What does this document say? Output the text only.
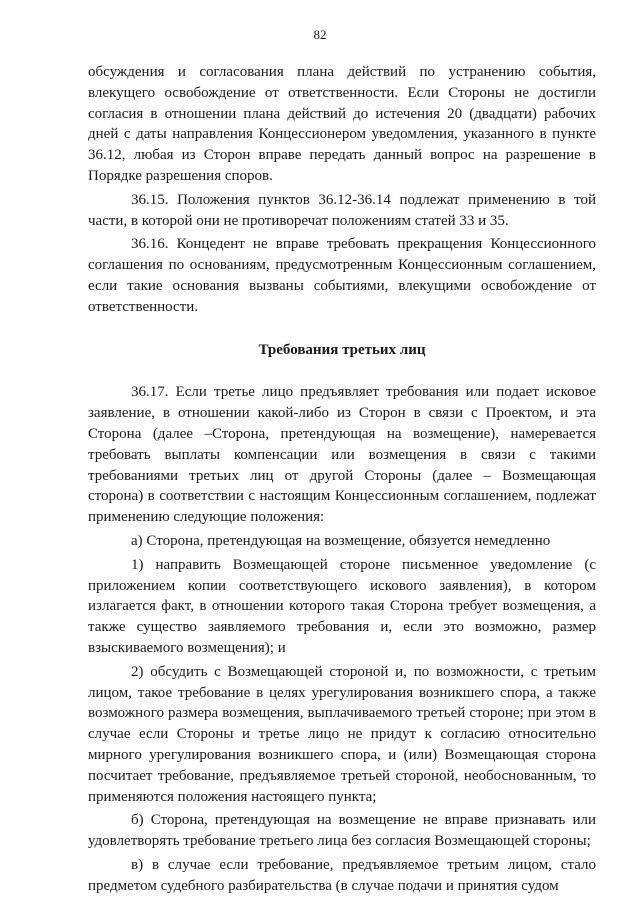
82

обсуждения и согласования плана действий по устранению события, влекущего освобождение от ответственности. Если Стороны не достигли согласия в отношении плана действий до истечения 20 (двадцати) рабочих дней с даты направления Концессионером уведомления, указанного в пункте 36.12, любая из Сторон вправе передать данный вопрос на разрешение в Порядке разрешения споров.

36.15. Положения пунктов 36.12-36.14 подлежат применению в той части, в которой они не противоречат положениям статей 33 и 35.

36.16. Концедент не вправе требовать прекращения Концессионного соглашения по основаниям, предусмотренным Концессионным соглашением, если такие основания вызваны событиями, влекущими освобождение от ответственности.

Требования третьих лиц

36.17. Если третье лицо предъявляет требования или подает исковое заявление, в отношении какой-либо из Сторон в связи с Проектом, и эта Сторона (далее –Сторона, претендующая на возмещение), намеревается требовать выплаты компенсации или возмещения в связи с такими требованиями третьих лиц от другой Стороны (далее – Возмещающая сторона) в соответствии с настоящим Концессионным соглашением, подлежат применению следующие положения:

а) Сторона, претендующая на возмещение, обязуется немедленно

1) направить Возмещающей стороне письменное уведомление (с приложением копии соответствующего искового заявления), в котором излагается факт, в отношении которого такая Сторона требует возмещения, а также существо заявляемого требования и, если это возможно, размер взыскиваемого возмещения); и

2) обсудить с Возмещающей стороной и, по возможности, с третьим лицом, такое требование в целях урегулирования возникшего спора, а также возможного размера возмещения, выплачиваемого третьей стороне; при этом в случае если Стороны и третье лицо не придут к согласию относительно мирного урегулирования возникшего спора, и (или) Возмещающая сторона посчитает требование, предъявляемое третьей стороной, необоснованным, то применяются положения настоящего пункта;

б) Сторона, претендующая на возмещение не вправе признавать или удовлетворять требование третьего лица без согласия Возмещающей стороны;

в) в случае если требование, предъявляемое третьим лицом, стало предметом судебного разбирательства (в случае подачи и принятия судом
